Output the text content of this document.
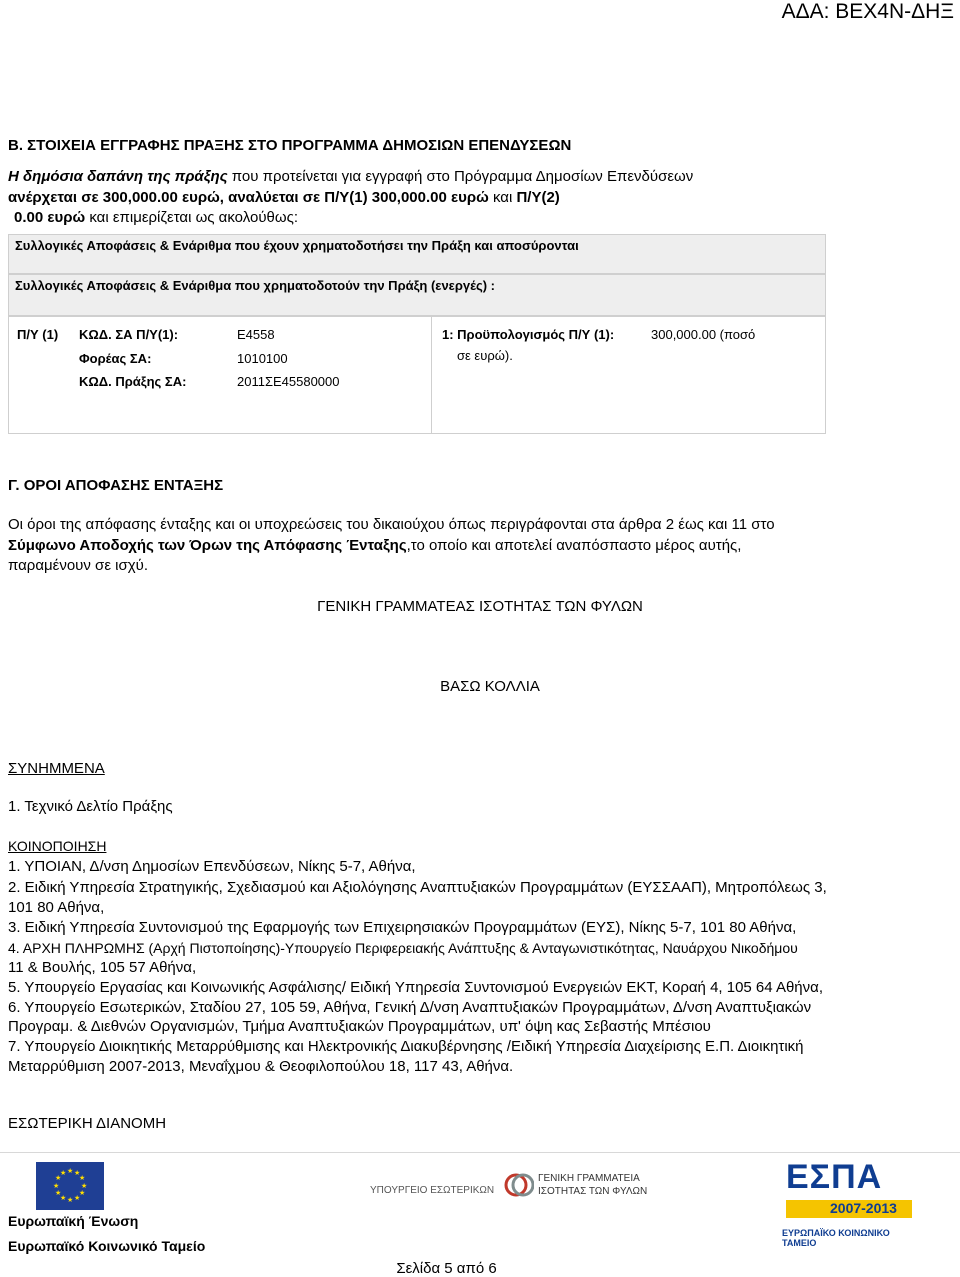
ΑΔΑ: ΒΕΧ4Ν-ΔΗΞ
Β. ΣΤΟΙΧΕΙΑ ΕΓΓΡΑΦΗΣ ΠΡΑΞΗΣ ΣΤΟ ΠΡΟΓΡΑΜΜΑ ΔΗΜΟΣΙΩΝ ΕΠΕΝΔΥΣΕΩΝ
Η δημόσια δαπάνη της πράξης που προτείνεται για εγγραφή στο Πρόγραμμα Δημοσίων Επενδύσεων
ανέρχεται σε 300,000.00 ευρώ, αναλύεται σε Π/Υ(1) 300,000.00 ευρώ και Π/Υ(2)
0.00 ευρώ και επιμερίζεται ως ακολούθως:
Συλλογικές Αποφάσεις & Ενάριθμα που έχουν χρηματοδοτήσει την Πράξη και αποσύρονται
Συλλογικές Αποφάσεις & Ενάριθμα που χρηματοδοτούν την Πράξη (ενεργές) :
Π/Υ (1) ΚΩΔ. ΣΑ Π/Υ(1):	Ε4558
Φορέας ΣΑ:	1010100
ΚΩΔ. Πράξης ΣΑ:	2011ΣΕ45580000
1: Προϋπολογισμός Π/Υ (1):	300,000.00 (ποσό
σε ευρώ).
Γ. ΟΡΟΙ ΑΠΟΦΑΣΗΣ ΕΝΤΑΞΗΣ
Οι όροι της απόφασης ένταξης και οι υποχρεώσεις του δικαιούχου όπως περιγράφονται στα άρθρα 2 έως και 11 στο
Σύμφωνο Αποδοχής των Όρων της Απόφασης Ένταξης,το οποίο και αποτελεί αναπόσπαστο μέρος αυτής,
παραμένουν σε ισχύ.
ΓΕΝΙΚΗ ΓΡΑΜΜΑΤΕΑΣ ΙΣΟΤΗΤΑΣ ΤΩΝ ΦΥΛΩΝ
ΒΑΣΩ ΚΟΛΛΙΑ
ΣΥΝΗΜΜΕΝΑ
1. Τεχνικό Δελτίο Πράξης
ΚΟΙΝΟΠΟΙΗΣΗ
1. ΥΠΟΙΑΝ, Δ/νση Δημοσίων Επενδύσεων, Νίκης 5-7, Αθήνα,
2. Ειδική Υπηρεσία Στρατηγικής, Σχεδιασμού και Αξιολόγησης Αναπτυξιακών Προγραμμάτων (ΕΥΣΣΑΑΠ), Μητροπόλεως 3,
101 80 Αθήνα,
3. Ειδική Υπηρεσία Συντονισμού της Εφαρμογής των Επιχειρησιακών Προγραμμάτων (ΕΥΣ), Νίκης 5-7, 101 80 Αθήνα,
4. ΑΡΧΗ ΠΛΗΡΩΜΗΣ (Αρχή Πιστοποίησης)-Υπουργείο Περιφερειακής Ανάπτυξης & Ανταγωνιστικότητας, Ναυάρχου Νικοδήμου
11 & Βουλής, 105 57 Αθήνα,
5. Υπουργείο Εργασίας και Κοινωνικής Ασφάλισης/ Ειδική Υπηρεσία Συντονισμού Ενεργειών ΕΚΤ, Κοραή 4, 105 64 Αθήνα,
6. Υπουργείο Εσωτερικών, Σταδίου 27, 105 59, Αθήνα, Γενική Δ/νση Αναπτυξιακών Προγραμμάτων, Δ/νση Αναπτυξιακών
Προγραμ. & Διεθνών Οργανισμών, Τμήμα Αναπτυξιακών Προγραμμάτων, υπ' όψη κας Σεβαστής Μπέσιου
7. Υπουργείο Διοικητικής Μεταρρύθμισης και Ηλεκτρονικής Διακυβέρνησης /Ειδική Υπηρεσία Διαχείρισης Ε.Π. Διοικητική
Μεταρρύθμιση 2007-2013, Μεναΐχμου & Θεοφιλοπούλου 18, 117 43, Αθήνα.
ΕΣΩΤΕΡΙΚΗ ΔΙΑΝΟΜΗ
★ ★
★
★
★
★
★
★
★
★
★
★
Ευρωπαϊκή Ένωση
Ευρωπαϊκό Κοινωνικό Ταμείο
ΥΠΟΥΡΓΕΙΟ ΕΣΩΤΕΡΙΚΩΝ
ΓΕΝΙΚΗ ΓΡΑΜΜΑΤΕΙΑ
ΙΣΟΤΗΤΑΣ ΤΩΝ ΦΥΛΩΝ	ΕΣΠΑ
2007-2013
ΕΥΡΩΠΑΪΚΟ ΚΟΙΝΩΝΙΚΟ ΤΑΜΕΙΟ
Σελίδα 5 από 6
